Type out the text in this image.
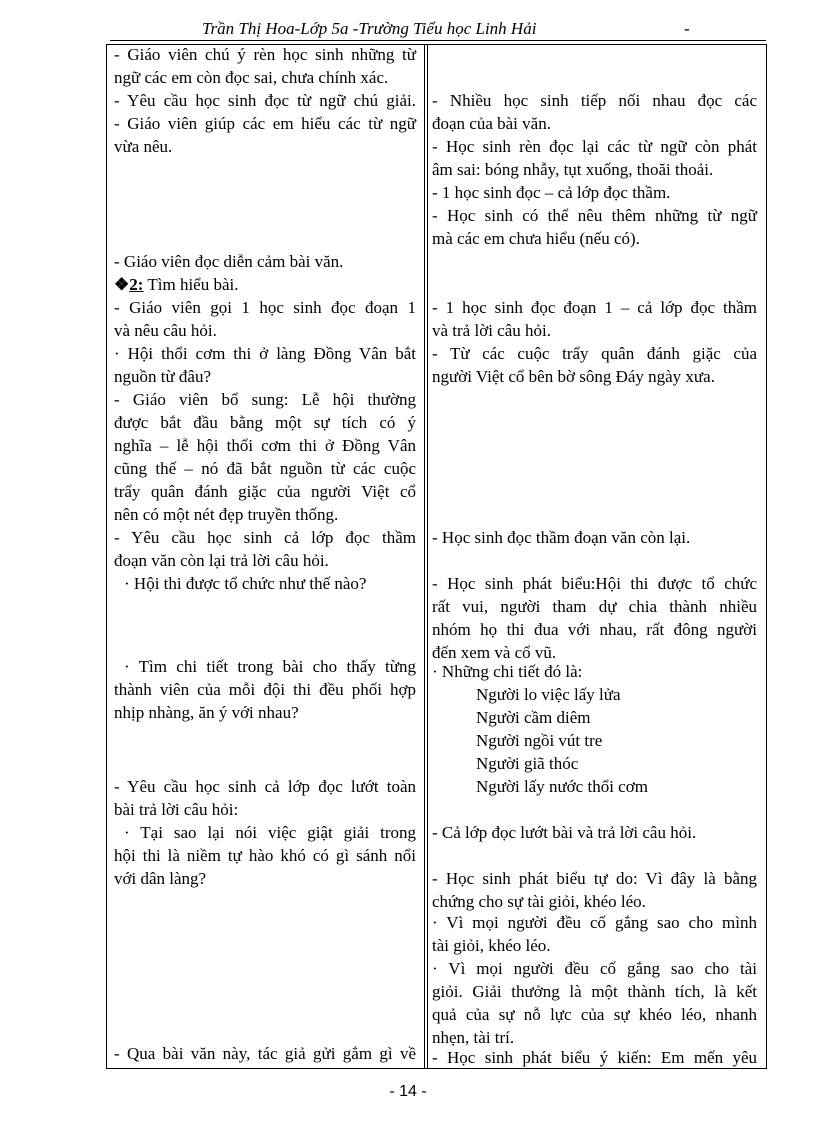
Trần Thị Hoa-Lớp 5a -Trường Tiểu học Linh Hải	-
- Giáo viên chú ý rèn học sinh những từ
ngữ các em còn đọc sai, chưa chính xác.
- Yêu cầu học sinh đọc từ ngữ chú giải.
- Giáo viên giúp các em hiểu các từ ngữ
vừa nêu.
- Giáo viên đọc diễn cảm bài văn.
❖2: Tìm hiểu bài.
- Giáo viên gọi 1 học sinh đọc đoạn 1
và nêu câu hỏi.
· Hội thổi cơm thi ở làng Đồng Vân bắt
nguồn từ đâu?
- Giáo viên bổ sung: Lễ hội thường
được bắt đầu bằng một sự tích có ý
nghĩa – lễ hội thổi cơm thi ở Đồng Vân
cũng thế – nó đã bắt nguồn từ các cuộc
trẩy quân đánh giặc của người Việt cổ
nên có một nét đẹp truyền thống.
- Yêu cầu học sinh cả lớp đọc thầm
đoạn văn còn lại trả lời câu hỏi.
· Hội thi được tổ chức như thế nào?
· Tìm chi tiết trong bài cho thấy từng
thành viên của mỗi đội thi đều phối hợp
nhịp nhàng, ăn ý với nhau?
- Yêu cầu học sinh cả lớp đọc lướt toàn
bài trả lời câu hỏi:
· Tại sao lại nói việc giật giải trong
hội thi là niềm tự hào khó có gì sánh nổi
với dân làng?
- Qua bài văn này, tác giả gửi gắm gì về
- Nhiều học sinh tiếp nối nhau đọc các
đoạn của bài văn.
- Học sinh rèn đọc lại các từ ngữ còn phát
âm sai: bóng nhẫy, tụt xuống, thoăi thoải.
- 1 học sinh đọc – cả lớp đọc thầm.
- Học sinh có thể nêu thêm những từ ngữ
mà các em chưa hiểu (nếu có).
- 1 học sinh đọc đoạn 1 – cả lớp đọc thầm
và trả lời câu hỏi.
- Từ các cuộc trẩy quân đánh giặc của
người Việt cổ bên bờ sông Đáy ngày xưa.
- Học sinh đọc thầm đoạn văn còn lại.
- Học sinh phát biểu:Hội thi được tổ chức
rất vui, người tham dự chia thành nhiều
nhóm họ thi đua với nhau, rất đông người
đến xem và cổ vũ.
· Những chi tiết đó là:
Người lo việc lấy lửa
Người cầm diêm
Người ngồi vút tre
Người giã thóc
Người lấy nước thổi cơm
- Cả lớp đọc lướt bài và trả lời câu hỏi.
- Học sinh phát biểu tự do: Vì đây là bằng
chứng cho sự tài giỏi, khéo léo.
· Vì mọi người đều cố gắng sao cho mình
tài giỏi, khéo léo.
· Vì mọi người đều cố gắng sao cho tài
giỏi. Giải thưởng là một thành tích, là kết
quả của sự nỗ lực của sự khéo léo, nhanh
nhẹn, tài trí.
- Học sinh phát biểu ý kiến: Em mến yêu
- 14 -
